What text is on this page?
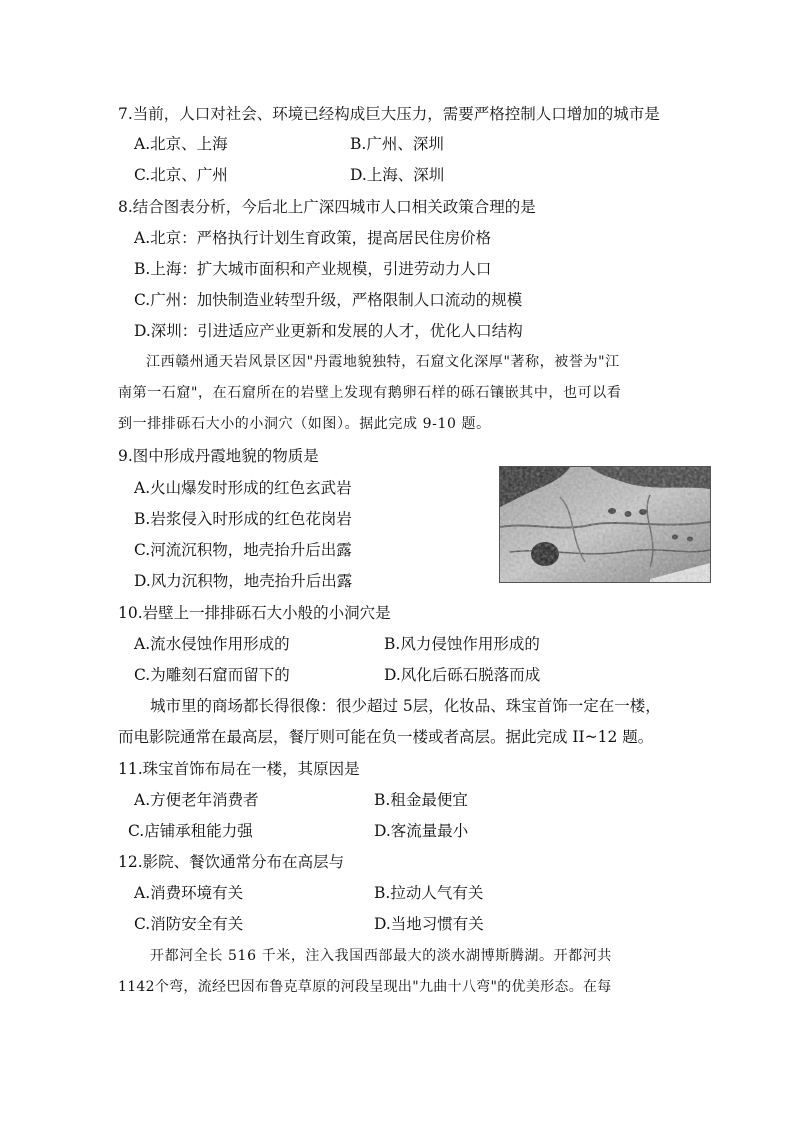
7.当前，人口对社会、环境已经构成巨大压力，需要严格控制人口增加的城市是
A.北京、上海	B.广州、深圳
C.北京、广州	D.上海、深圳
8.结合图表分析，今后北上广深四城市人口相关政策合理的是
A.北京：严格执行计划生育政策，提高居民住房价格
B.上海：扩大城市面积和产业规模，引进劳动力人口
C.广州：加快制造业转型升级，严格限制人口流动的规模
D.深圳：引进适应产业更新和发展的人才，优化人口结构
江西赣州通天岩风景区因"丹霞地貌独特，石窟文化深厚"著称，被誉为"江
南第一石窟"，在石窟所在的岩壁上发现有鹅卵石样的砾石镶嵌其中，也可以看
到一排排砾石大小的小洞穴（如图）。据此完成 9-10 题。
9.图中形成丹霞地貌的物质是
A.火山爆发时形成的红色玄武岩
B.岩浆侵入时形成的红色花岗岩
C.河流沉积物，地壳抬升后出露
D.风力沉积物，地壳抬升后出露
10.岩壁上一排排砾石大小般的小洞穴是
A.流水侵蚀作用形成的	B.风力侵蚀作用形成的
C.为雕刻石窟而留下的	D.风化后砾石脱落而成
城市里的商场都长得很像：很少超过 5层，化妆品、珠宝首饰一定在一楼，
而电影院通常在最高层，餐厅则可能在负一楼或者高层。据此完成 II~12 题。
11.珠宝首饰布局在一楼，其原因是
A.方便老年消费者	B.租金最便宜
C.店铺承租能力强	D.客流量最小
12.影院、餐饮通常分布在高层与
A.消费环境有关	B.拉动人气有关
C.消防安全有关	D.当地习惯有关
开都河全长 516 千米，注入我国西部最大的淡水湖博斯腾湖。开都河共
1142个弯，流经巴因布鲁克草原的河段呈现出"九曲十八弯"的优美形态。在每
